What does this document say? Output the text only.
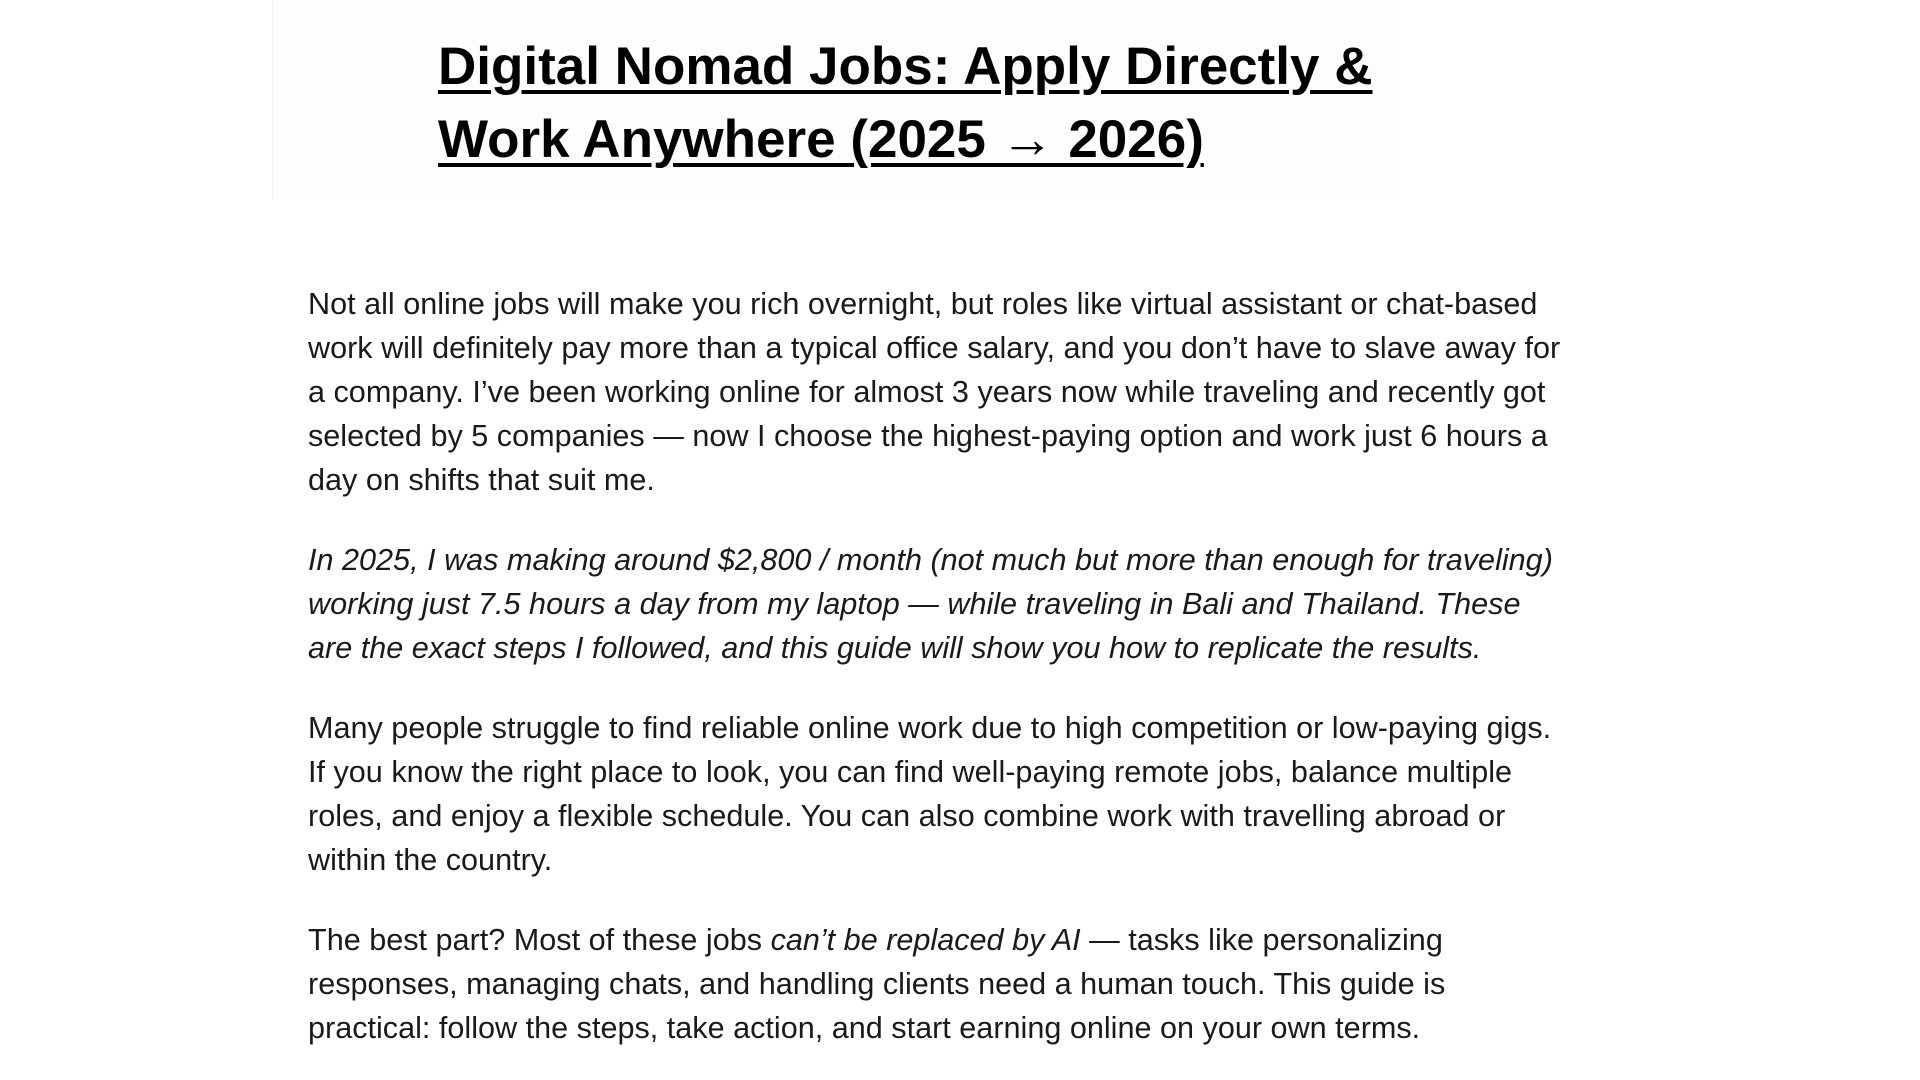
Digital Nomad Jobs: Apply Directly &
Work Anywhere (2025 → 2026)

Not all online jobs will make you rich overnight, but roles like virtual assistant or chat-based
work will definitely pay more than a typical office salary, and you don’t have to slave away for
a company. I’ve been working online for almost 3 years now while traveling and recently got
selected by 5 companies — now I choose the highest-paying option and work just 6 hours a
day on shifts that suit me.

In 2025, I was making around $2,800 / month (not much but more than enough for traveling)
working just 7.5 hours a day from my laptop — while traveling in Bali and Thailand. These
are the exact steps I followed, and this guide will show you how to replicate the results.

Many people struggle to find reliable online work due to high competition or low-paying gigs.
If you know the right place to look, you can find well-paying remote jobs, balance multiple
roles, and enjoy a flexible schedule. You can also combine work with travelling abroad or
within the country.

The best part? Most of these jobs can’t be replaced by AI — tasks like personalizing
responses, managing chats, and handling clients need a human touch. This guide is
practical: follow the steps, take action, and start earning online on your own terms.
